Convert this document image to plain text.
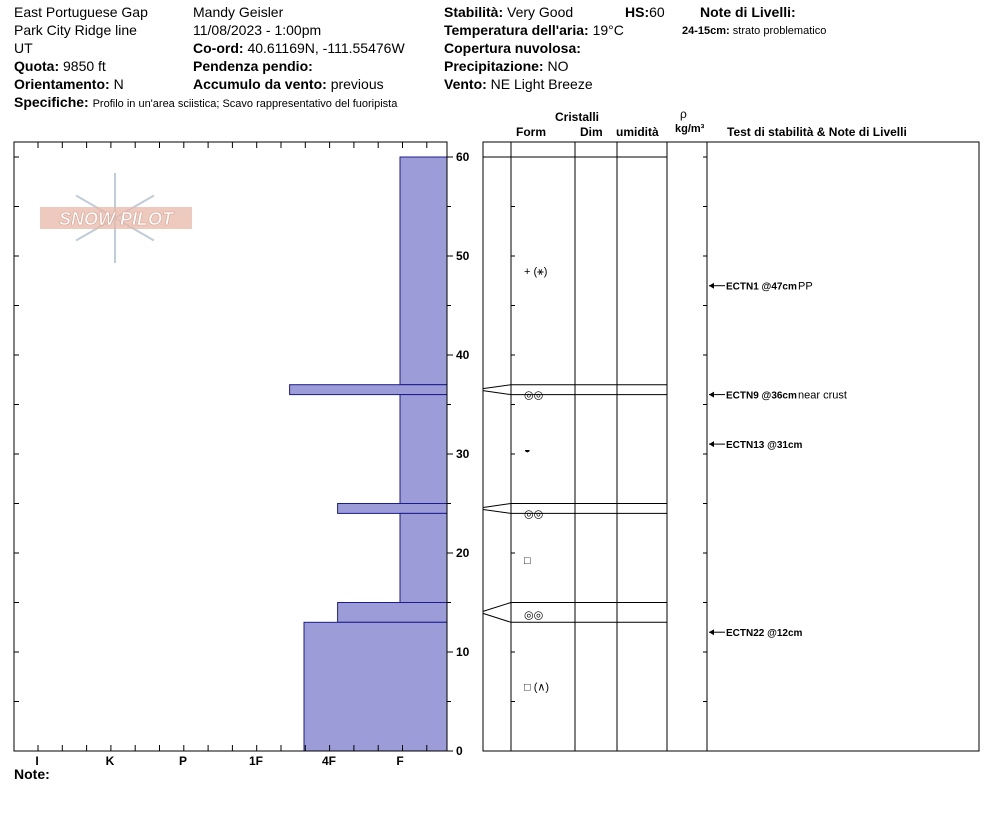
East Portuguese Gap
Park City Ridge line
UT
Quota: 9850 ft
Orientamento: N
Specifiche: Profilo in un'area sciistica; Scavo rappresentativo del fuoripista
Mandy Geisler
11/08/2023 - 1:00pm
Co-ord: 40.61169N, -111.55476W
Pendenza pendio:
Accumulo da vento: previous
Stabilità: Very Good	HS:60
Temperatura dell'aria: 19°C
Copertura nuvolosa:
Precipitazione: NO
Vento: NE Light Breeze
Note di Livelli:
24-15cm: strato problematico
Cristalli
Form	Dim umidità
ρ
kg/m³ Test di stabilità & Note di Livelli
SNOW PILOT
0
10
20
30
40
50
60
I	K	P	1F	4F	F
+ (⚹)
◎◎
◒
◎◎
□
◎◎
□ (∧)
ECTN1 @47cm PP
ECTN9 @36cm near crust
ECTN13 @31cm
ECTN22 @12cm
Note:
